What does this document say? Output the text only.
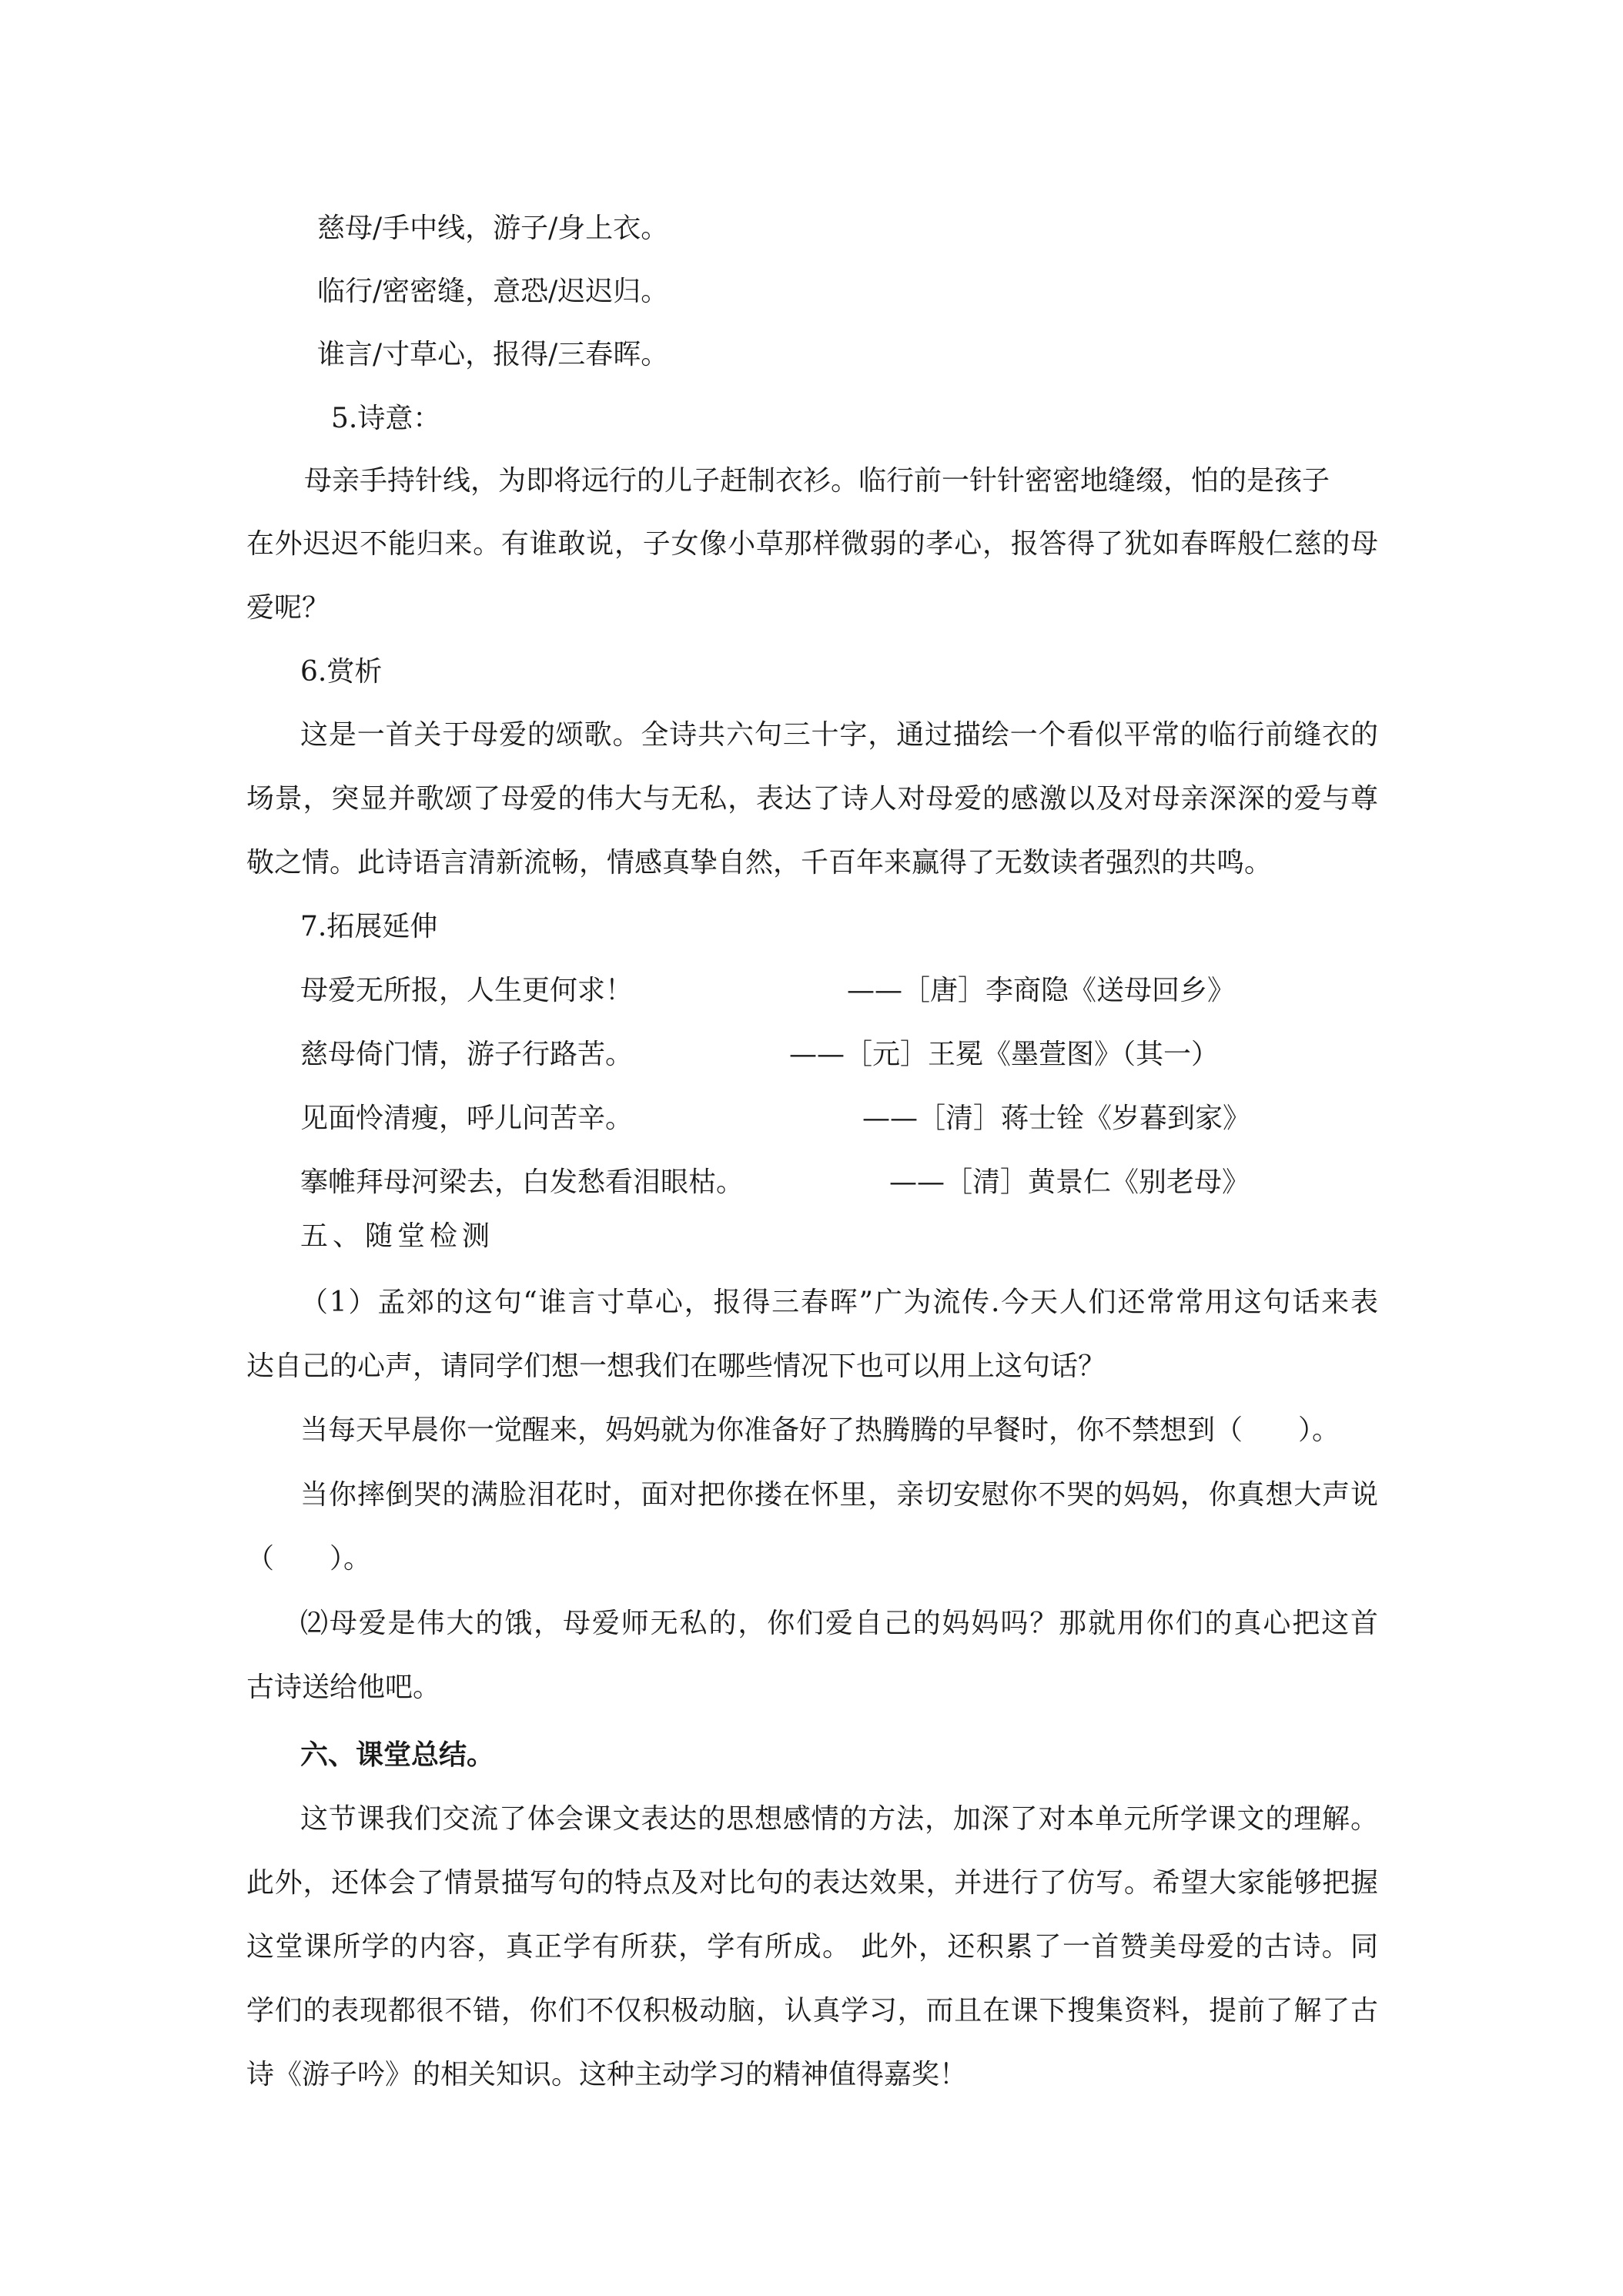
慈母/手中线，游子/身上衣。

临行/密密缝，意恐/迟迟归。

谁言/寸草心，报得/三春晖。

5.诗意：

母亲手持针线，为即将远行的儿子赶制衣衫。临行前一针针密密地缝缀，怕的是孩子

在外迟迟不能归来。有谁敢说，子女像小草那样微弱的孝心，报答得了犹如春晖般仁慈的母

爱呢？

6.赏析

这是一首关于母爱的颂歌。全诗共六句三十字，通过描绘一个看似平常的临行前缝衣的

场景，突显并歌颂了母爱的伟大与无私，表达了诗人对母爱的感激以及对母亲深深的爱与尊

敬之情。此诗语言清新流畅，情感真挚自然，千百年来赢得了无数读者强烈的共鸣。

7.拓展延伸

母爱无所报，人生更何求！	——［唐］李商隐《送母回乡》

慈母倚门情，游子行路苦。	——［元］王冕《墨萱图》（其一）

见面怜清瘦，呼儿问苦辛。	——［清］蒋士铨《岁暮到家》

搴帷拜母河梁去，白发愁看泪眼枯。	——［清］黄景仁《别老母》

五、随堂检测

（1）孟郊的这句“谁言寸草心，报得三春晖”广为流传.今天人们还常常用这句话来表

达自己的心声，请同学们想一想我们在哪些情况下也可以用上这句话？

当每天早晨你一觉醒来，妈妈就为你准备好了热腾腾的早餐时，你不禁想到（　　）。

当你摔倒哭的满脸泪花时，面对把你搂在怀里，亲切安慰你不哭的妈妈，你真想大声说

（　　）。

⑵母爱是伟大的饿，母爱师无私的，你们爱自己的妈妈吗？那就用你们的真心把这首

古诗送给他吧。

六、课堂总结。

这节课我们交流了体会课文表达的思想感情的方法，加深了对本单元所学课文的理解。

此外，还体会了情景描写句的特点及对比句的表达效果，并进行了仿写。希望大家能够把握

这堂课所学的内容，真正学有所获，学有所成。 此外，还积累了一首赞美母爱的古诗。同

学们的表现都很不错，你们不仅积极动脑，认真学习，而且在课下搜集资料，提前了解了古

诗《游子吟》的相关知识。这种主动学习的精神值得嘉奖！
